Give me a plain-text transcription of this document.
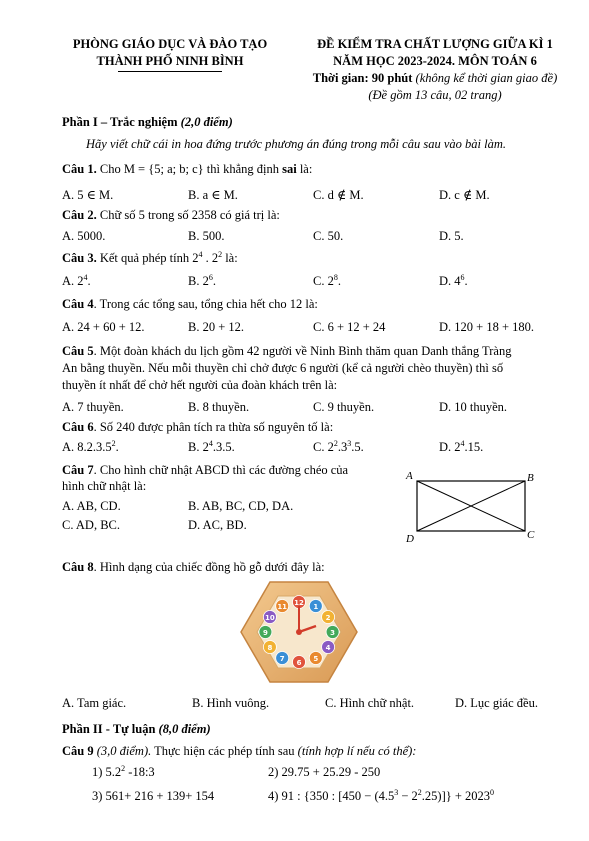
PHÒNG GIÁO DỤC VÀ ĐÀO TẠO
THÀNH PHỐ NINH BÌNH
ĐỀ KIỂM TRA CHẤT LƯỢNG GIỮA KÌ 1
NĂM HỌC 2023-2024. MÔN TOÁN 6
Thời gian: 90 phút (không kể thời gian giao đề)
(Đề gồm 13 câu, 02 trang)
Phần I – Trắc nghiệm (2,0 điểm)
Hãy viết chữ cái in hoa đứng trước phương án đúng trong mỗi câu sau vào bài làm.
Câu 1. Cho M = {5; a; b; c} thì khẳng định sai là:
A. 5 ∈ M.	B. a ∈ M.	C. d ∉ M.	D. c ∉ M.
Câu 2. Chữ số 5 trong số 2358 có giá trị là:
A. 5000.	B. 500.	C. 50.	D. 5.
Câu 3. Kết quả phép tính $2^4$ . $2^2$ là:
A. $2^4$.	B. $2^6$.	C. $2^8$.	D. $4^6$.
Câu 4. Trong các tổng sau, tổng chia hết cho 12 là:
A. 24 + 60 + 12.	B. 20 + 12.	C. 6 + 12 + 24	D. 120 + 18 + 180.
Câu 5. Một đoàn khách du lịch gồm 42 người về Ninh Bình thăm quan Danh thắng Tràng
An bằng thuyền. Nếu mỗi thuyền chỉ chở được 6 người (kể cả người chèo thuyền) thì số
thuyền ít nhất để chở hết người của đoàn khách trên là:
A. 7 thuyền.	B. 8 thuyền.	C. 9 thuyền.	D. 10 thuyền.
Câu 6. Số 240 được phân tích ra thừa số nguyên tố là:
A. 8.2.3.5$^2$.	B. $2^4.3.5$.	C. $2^2.3^3.5$.	D. $2^4.15$.
Câu 7. Cho hình chữ nhật ABCD thì các đường chéo của
hình chữ nhật là:
A. AB, CD.	B. AB, BC, CD, DA.
C. AD, BC.	D. AC, BD.
A	B
C
D
Câu 8. Hình dạng của chiếc đồng hồ gỗ dưới đây là:
12 1
2
3
4
5
6
7
8
9
10
11
A. Tam giác.	B. Hình vuông.	C. Hình chữ nhật.	D. Lục giác đều.
Phần II - Tự luận (8,0 điểm)
Câu 9 (3,0 điểm). Thực hiện các phép tính sau (tính hợp lí nếu có thể):
1) $5.2^2$ -18:3	2) 29.75 + 25.29 - 250
3) 561+ 216 + 139+ 154	4) 91 : {350 : $[450 - (4.5^3 - 2^2.25)]\} + 2023^0$
